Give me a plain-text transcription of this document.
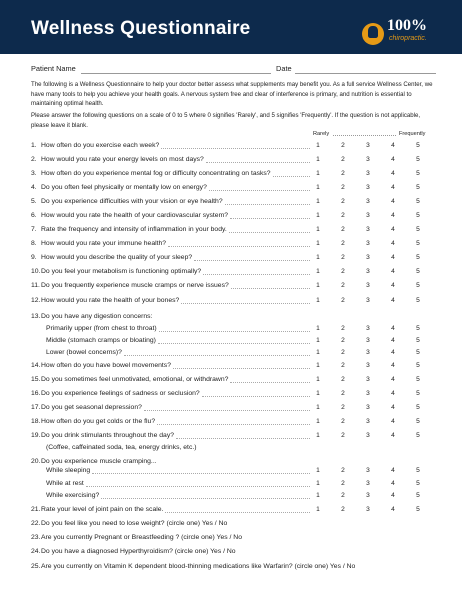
Wellness Questionnaire	100%
chiropractic.
Patient Name	Date

The following is a Wellness Questionnaire to help your doctor better assess what supplements may benefit you. As a full service Wellness Center, we have many tools to help you achieve your health goals. A nervous system free and clear of interference is primary, and nutrition is essential to maintaining optimal health.

Please answer the following questions on a scale of 0 to 5 where 0 signifies 'Rarely', and 5 signifies 'Frequently'. If the question is not applicable, please leave it blank.

Rarely	Frequently
1. How often do you exercise each week?	1	2	3	4	5
2. How would you rate your energy levels on most days?	1	2	3	4	5
3. How often do you experience mental fog or difficulty concentrating on tasks?	1	2	3	4	5
4. Do you often feel physically or mentally low on energy?	1	2	3	4	5
5. Do you experience difficulties with your vision or eye health?	1	2	3	4	5
6. How would you rate the health of your cardiovascular system?	1	2	3	4	5
7. Rate the frequency and intensity of inflammation in your body.	1	2	3	4	5
8. How would you rate your immune health?	1	2	3	4	5
9. How would you describe the quality of your sleep?	1	2	3	4	5
10.Do you feel your metabolism is functioning optimally?	1	2	3	4	5
11.Do you frequently experience muscle cramps or nerve issues?	1	2	3	4	5
12.How would you rate the health of your bones?	1	2	3	4	5
13.Do you have any digestion concerns:
Primarily upper (from chest to throat)	1	2	3	4	5
Middle (stomach cramps or bloating)	1	2	3	4	5
Lower (bowel concerns)?	1	2	3	4	5
14.How often do you have bowel movements?	1	2	3	4	5
15.Do you sometimes feel unmotivated, emotional, or withdrawn?	1	2	3	4	5
16.Do you experience feelings of sadness or seclusion?	1	2	3	4	5
17.Do you get seasonal depression?	1	2	3	4	5
18.How often do you get colds or the flu?	1	2	3	4	5
19.Do you drink stimulants throughout the day?	1	2	3	4	5
(Coffee, caffeinated soda, tea, energy drinks, etc.)
20.Do you experience muscle cramping...
While sleeping	1	2	3	4	5
While at rest	1	2	3	4	5
While exercising?	1	2	3	4	5
21.Rate your level of joint pain on the scale.	1	2	3	4	5
22.Do you feel like you need to lose weight? (circle one) Yes / No
23.Are you currently Pregnant or Breastfeeding ? (circle one) Yes / No
24.Do you have a diagnosed Hyperthyroidism? (circle one) Yes / No
25.Are you currently on Vitamin K dependent blood-thinning medications like Warfarin? (circle one) Yes / No
